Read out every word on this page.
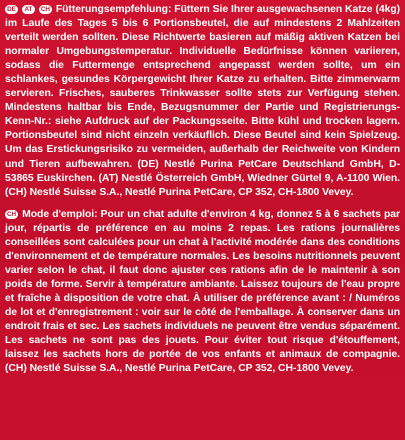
DE AT CH Fütterungsempfehlung: Füttern Sie Ihrer ausgewachsenen Katze (4kg) im Laufe des Tages 5 bis 6 Portionsbeutel, die auf mindestens 2 Mahlzeiten verteilt werden sollten. Diese Richtwerte basieren auf mäßig aktiven Katzen bei normaler Umgebungstemperatur. Individuelle Bedürfnisse können variieren, sodass die Futtermenge entsprechend angepasst werden sollte, um ein schlankes, gesundes Körpergewicht Ihrer Katze zu erhalten. Bitte zimmerwarm servieren. Frisches, sauberes Trinkwasser sollte stets zur Verfügung stehen. Mindestens haltbar bis Ende, Bezugsnummer der Partie und Registrierungs-Kenn-Nr.: siehe Aufdruck auf der Packungsseite. Bitte kühl und trocken lagern. Portionsbeutel sind nicht einzeln verkäuflich. Diese Beutel sind kein Spielzeug. Um das Erstickungsrisiko zu vermeiden, außerhalb der Reichweite von Kindern und Tieren aufbewahren. (DE) Nestlé Purina PetCare Deutschland GmbH, D-53865 Euskirchen. (AT) Nestlé Österreich GmbH, Wiedner Gürtel 9, A-1100 Wien. (CH) Nestlé Suisse S.A., Nestlé Purina PetCare, CP 352, CH-1800 Vevey.
CH Mode d'emploi: Pour un chat adulte d'environ 4 kg, donnez 5 à 6 sachets par jour, répartis de préférence en au moins 2 repas. Les rations journalières conseillées sont calculées pour un chat à l'activité modérée dans des conditions d'environnement et de température normales. Les besoins nutritionnels peuvent varier selon le chat, il faut donc ajuster ces rations afin de le maintenir à son poids de forme. Servir à température ambiante. Laissez toujours de l'eau propre et fraîche à disposition de votre chat. À utiliser de préférence avant : / Numéros de lot et d'enregistrement : voir sur le côté de l'emballage. À conserver dans un endroit frais et sec. Les sachets individuels ne peuvent être vendus séparément. Les sachets ne sont pas des jouets. Pour éviter tout risque d'étouffement, laissez les sachets hors de portée de vos enfants et animaux de compagnie. (CH) Nestlé Suisse S.A., Nestlé Purina PetCare, CP 352, CH-1800 Vevey.
